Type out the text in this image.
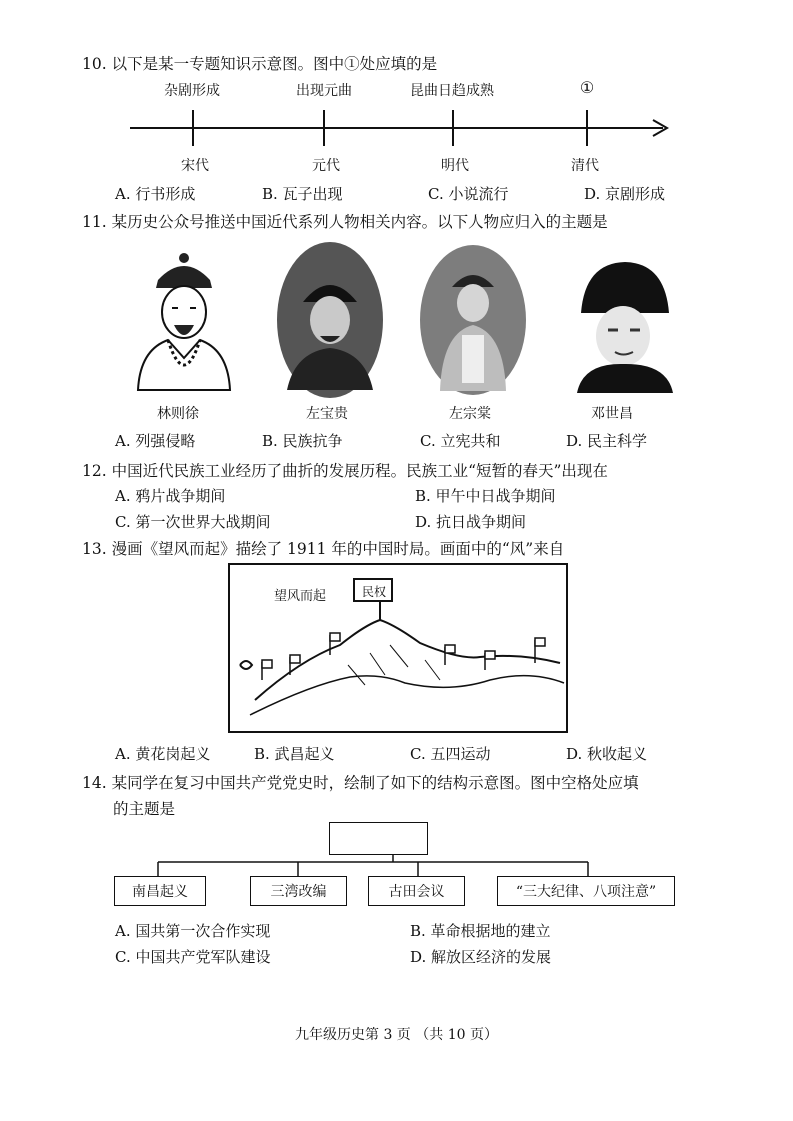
10. 以下是某一专题知识示意图。图中①处应填的是
杂剧形成	出现元曲	昆曲日趋成熟	①
宋代	元代	明代	清代
A. 行书形成	B. 瓦子出现	C. 小说流行	D. 京剧形成
11. 某历史公众号推送中国近代系列人物相关内容。以下人物应归入的主题是
林则徐	左宝贵	左宗棠	邓世昌
A. 列强侵略	B. 民族抗争	C. 立宪共和	D. 民主科学
12. 中国近代民族工业经历了曲折的发展历程。民族工业“短暂的春天”出现在
A. 鸦片战争期间	B. 甲午中日战争期间
C. 第一次世界大战期间	D. 抗日战争期间
13. 漫画《望风而起》描绘了 1911 年的中国时局。画面中的“风”来自
望风而起	民权
A. 黄花岗起义	B. 武昌起义	C. 五四运动	D. 秋收起义
14. 某同学在复习中国共产党党史时，绘制了如下的结构示意图。图中空格处应填
的主题是
南昌起义	三湾改编	古田会议	“三大纪律、八项注意”
A. 国共第一次合作实现	B. 革命根据地的建立
C. 中国共产党军队建设	D. 解放区经济的发展
九年级历史第 3 页 （共 10 页）
